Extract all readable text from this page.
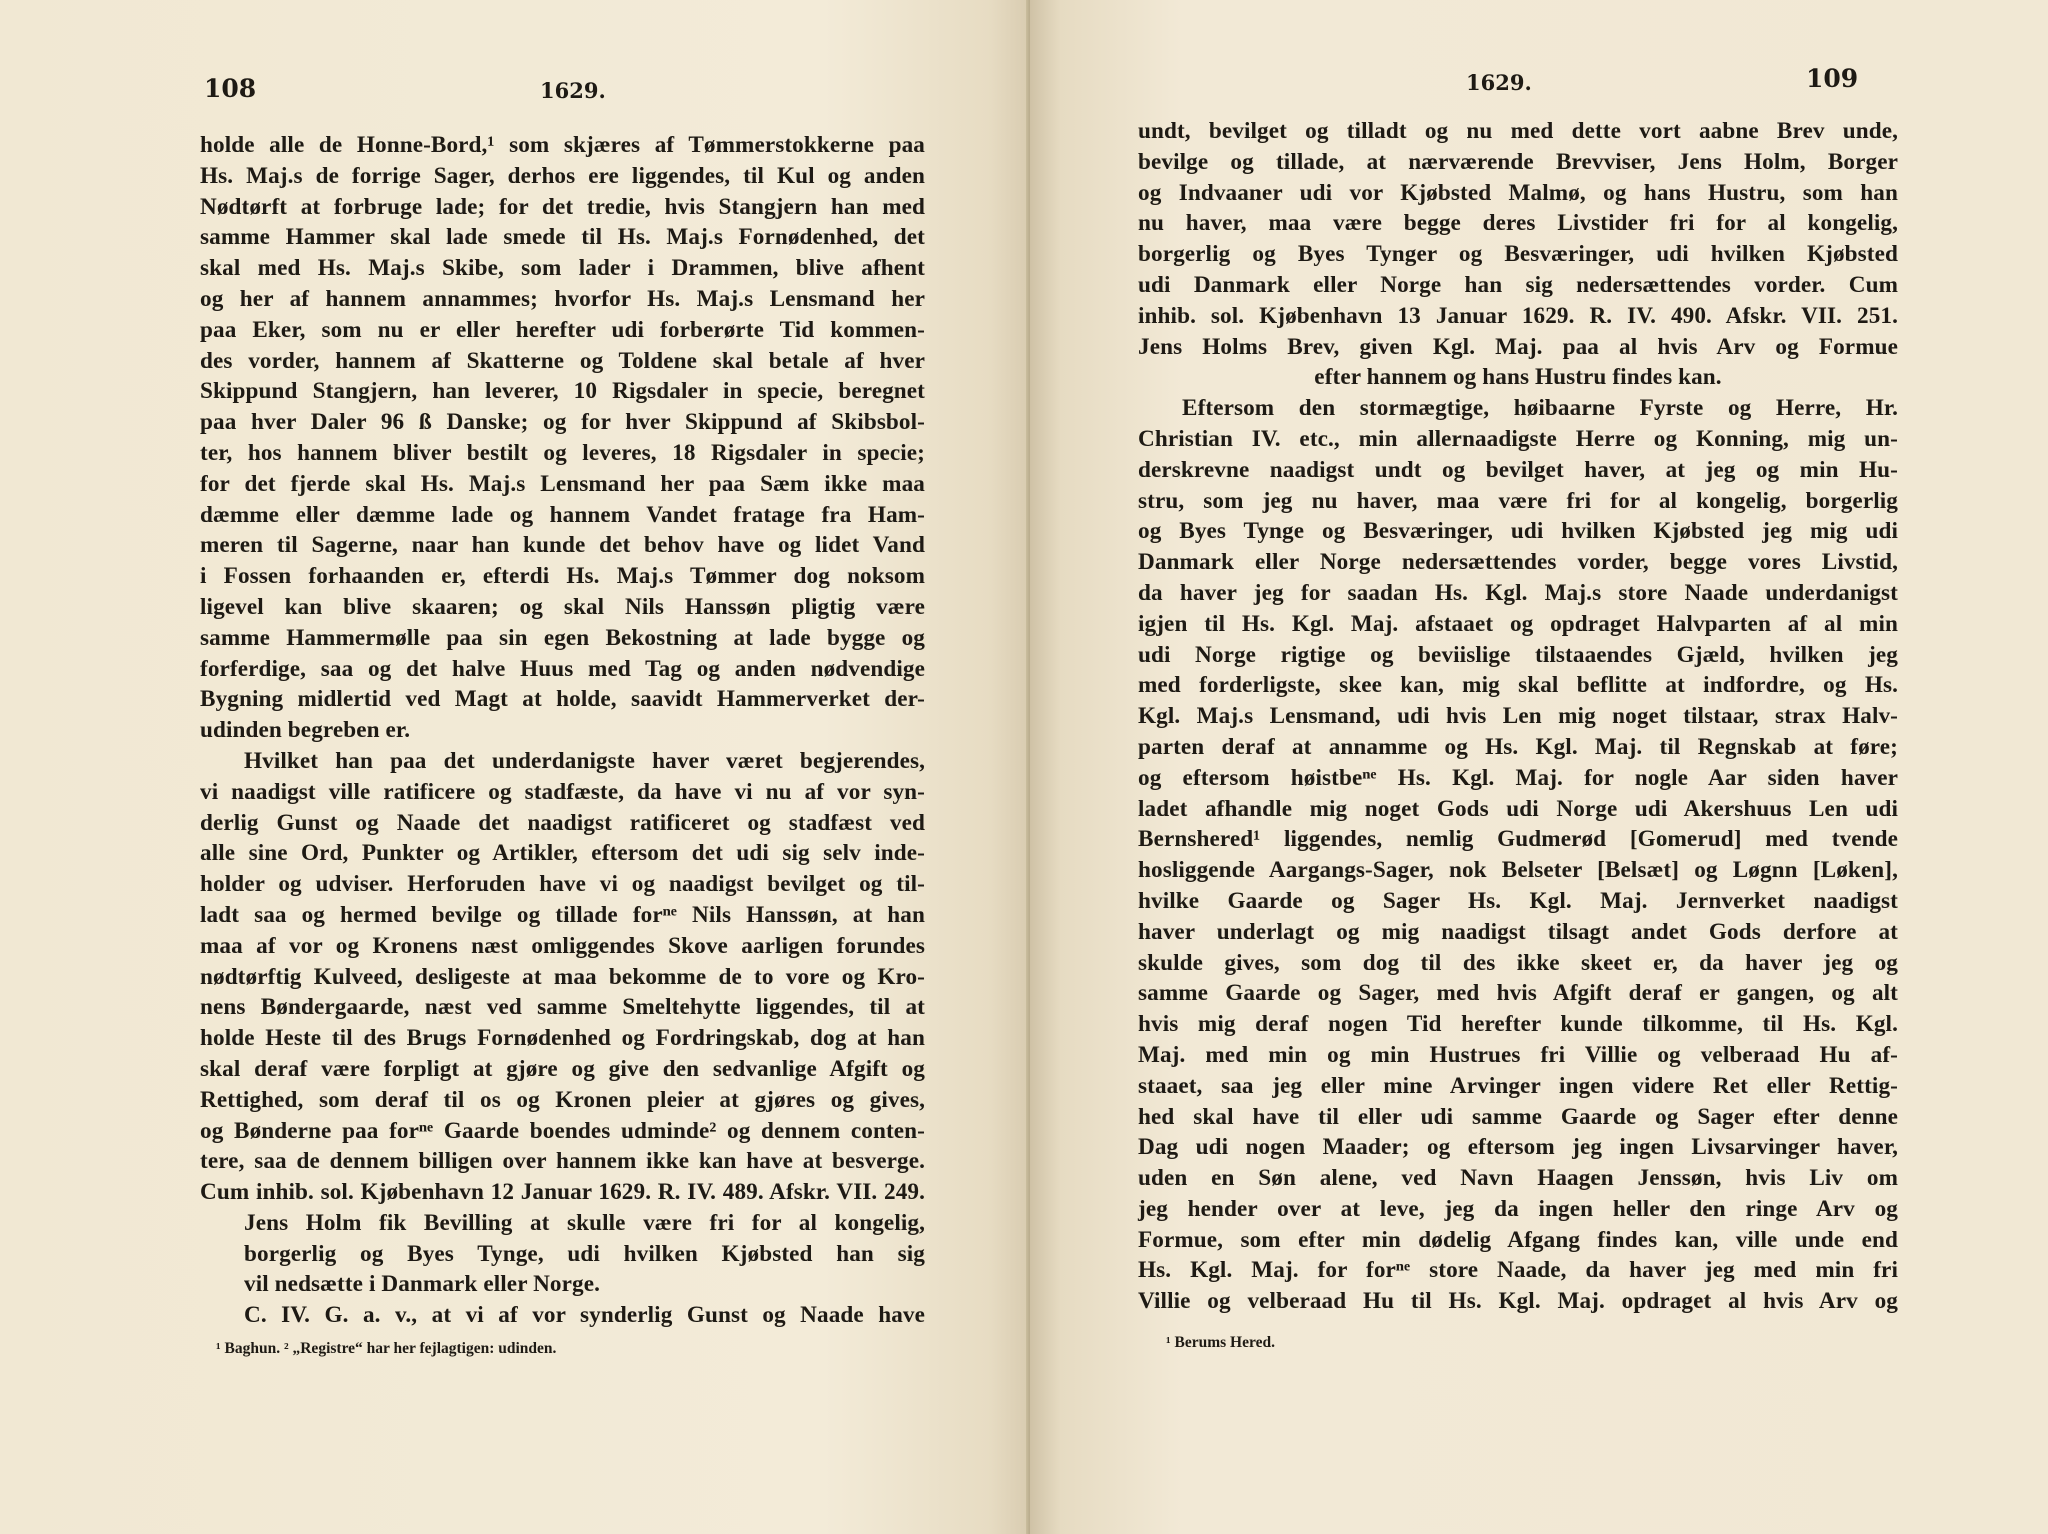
108	1629.
holde alle de Honne-Bord,¹ som skjæres af Tømmerstokkerne paa
Hs. Maj.s de forrige Sager, derhos ere liggendes, til Kul og anden
Nødtørft at forbruge lade; for det tredie, hvis Stangjern han med
samme Hammer skal lade smede til Hs. Maj.s Fornødenhed, det
skal med Hs. Maj.s Skibe, som lader i Drammen, blive afhent
og her af hannem annammes; hvorfor Hs. Maj.s Lensmand her
paa Eker, som nu er eller herefter udi forberørte Tid kommen-
des vorder, hannem af Skatterne og Toldene skal betale af hver
Skippund Stangjern, han leverer, 10 Rigsdaler in specie, beregnet
paa hver Daler 96 ß Danske; og for hver Skippund af Skibsbol-
ter, hos hannem bliver bestilt og leveres, 18 Rigsdaler in specie;
for det fjerde skal Hs. Maj.s Lensmand her paa Sæm ikke maa
dæmme eller dæmme lade og hannem Vandet fratage fra Ham-
meren til Sagerne, naar han kunde det behov have og lidet Vand
i Fossen forhaanden er, efterdi Hs. Maj.s Tømmer dog noksom
ligevel kan blive skaaren; og skal Nils Hanssøn pligtig være
samme Hammermølle paa sin egen Bekostning at lade bygge og
forferdige, saa og det halve Huus med Tag og anden nødvendige
Bygning midlertid ved Magt at holde, saavidt Hammerverket der-
udinden begreben er.
Hvilket han paa det underdanigste haver været begjerendes,
vi naadigst ville ratificere og stadfæste, da have vi nu af vor syn-
derlig Gunst og Naade det naadigst ratificeret og stadfæst ved
alle sine Ord, Punkter og Artikler, eftersom det udi sig selv inde-
holder og udviser. Herforuden have vi og naadigst bevilget og til-
ladt saa og hermed bevilge og tillade forⁿᵉ Nils Hanssøn, at han
maa af vor og Kronens næst omliggendes Skove aarligen forundes
nødtørftig Kulveed, desligeste at maa bekomme de to vore og Kro-
nens Bøndergaarde, næst ved samme Smeltehytte liggendes, til at
holde Heste til des Brugs Fornødenhed og Fordringskab, dog at han
skal deraf være forpligt at gjøre og give den sedvanlige Afgift og
Rettighed, som deraf til os og Kronen pleier at gjøres og gives,
og Bønderne paa forⁿᵉ Gaarde boendes udminde² og dennem conten-
tere, saa de dennem billigen over hannem ikke kan have at besverge.
Cum inhib. sol. Kjøbenhavn 12 Januar 1629. R. IV. 489. Afskr. VII. 249.
Jens Holm fik Bevilling at skulle være fri for al kongelig,
borgerlig og Byes Tynge, udi hvilken Kjøbsted han sig
vil nedsætte i Danmark eller Norge.
C. IV. G. a. v., at vi af vor synderlig Gunst og Naade have
¹ Baghun. ² „Registre“ har her fejlagtigen: udinden.
1629.	109
undt, bevilget og tilladt og nu med dette vort aabne Brev unde,
bevilge og tillade, at nærværende Brevviser, Jens Holm, Borger
og Indvaaner udi vor Kjøbsted Malmø, og hans Hustru, som han
nu haver, maa være begge deres Livstider fri for al kongelig,
borgerlig og Byes Tynger og Besværinger, udi hvilken Kjøbsted
udi Danmark eller Norge han sig nedersættendes vorder. Cum
inhib. sol. Kjøbenhavn 13 Januar 1629. R. IV. 490. Afskr. VII. 251.
Jens Holms Brev, given Kgl. Maj. paa al hvis Arv og Formue
efter hannem og hans Hustru findes kan.
Eftersom den stormægtige, høibaarne Fyrste og Herre, Hr.
Christian IV. etc., min allernaadigste Herre og Konning, mig un-
derskrevne naadigst undt og bevilget haver, at jeg og min Hu-
stru, som jeg nu haver, maa være fri for al kongelig, borgerlig
og Byes Tynge og Besværinger, udi hvilken Kjøbsted jeg mig udi
Danmark eller Norge nedersættendes vorder, begge vores Livstid,
da haver jeg for saadan Hs. Kgl. Maj.s store Naade underdanigst
igjen til Hs. Kgl. Maj. afstaaet og opdraget Halvparten af al min
udi Norge rigtige og beviislige tilstaaendes Gjæld, hvilken jeg
med forderligste, skee kan, mig skal beflitte at indfordre, og Hs.
Kgl. Maj.s Lensmand, udi hvis Len mig noget tilstaar, strax Halv-
parten deraf at annamme og Hs. Kgl. Maj. til Regnskab at føre;
og eftersom høistbeⁿᵉ Hs. Kgl. Maj. for nogle Aar siden haver
ladet afhandle mig noget Gods udi Norge udi Akershuus Len udi
Bernshered¹ liggendes, nemlig Gudmerød [Gomerud] med tvende
hosliggende Aargangs-Sager, nok Belseter [Belsæt] og Løgnn [Løken],
hvilke Gaarde og Sager Hs. Kgl. Maj. Jernverket naadigst
haver underlagt og mig naadigst tilsagt andet Gods derfore at
skulde gives, som dog til des ikke skeet er, da haver jeg og
samme Gaarde og Sager, med hvis Afgift deraf er gangen, og alt
hvis mig deraf nogen Tid herefter kunde tilkomme, til Hs. Kgl.
Maj. med min og min Hustrues fri Villie og velberaad Hu af-
staaet, saa jeg eller mine Arvinger ingen videre Ret eller Rettig-
hed skal have til eller udi samme Gaarde og Sager efter denne
Dag udi nogen Maader; og eftersom jeg ingen Livsarvinger haver,
uden en Søn alene, ved Navn Haagen Jenssøn, hvis Liv om
jeg hender over at leve, jeg da ingen heller den ringe Arv og
Formue, som efter min dødelig Afgang findes kan, ville unde end
Hs. Kgl. Maj. for forⁿᵉ store Naade, da haver jeg med min fri
Villie og velberaad Hu til Hs. Kgl. Maj. opdraget al hvis Arv og
¹ Berums Hered.
